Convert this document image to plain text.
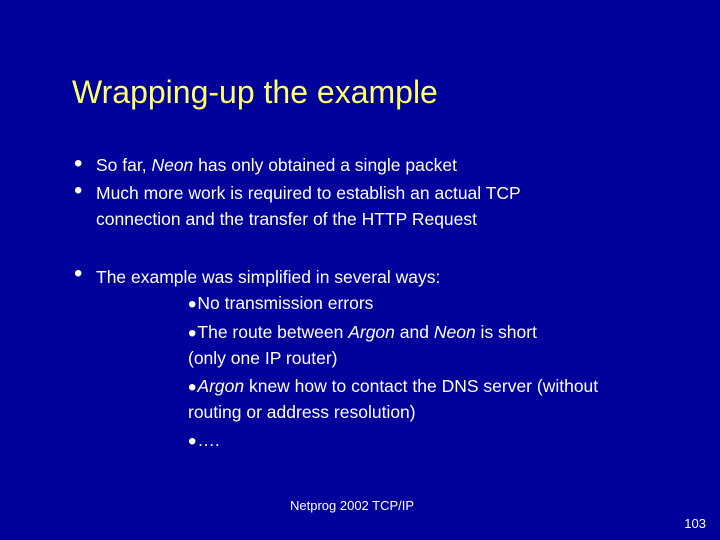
Wrapping-up the example
• So far, Neon has only obtained a single packet
• Much more work is required to establish an actual TCP
connection and the transfer of the HTTP Request
• The example was simplified in several ways:
•No transmission errors
•The route between Argon and Neon is short
(only one IP router)
•Argon knew how to contact the DNS server (without
routing or address resolution)
•….
Netprog 2002 TCP/IP
103
